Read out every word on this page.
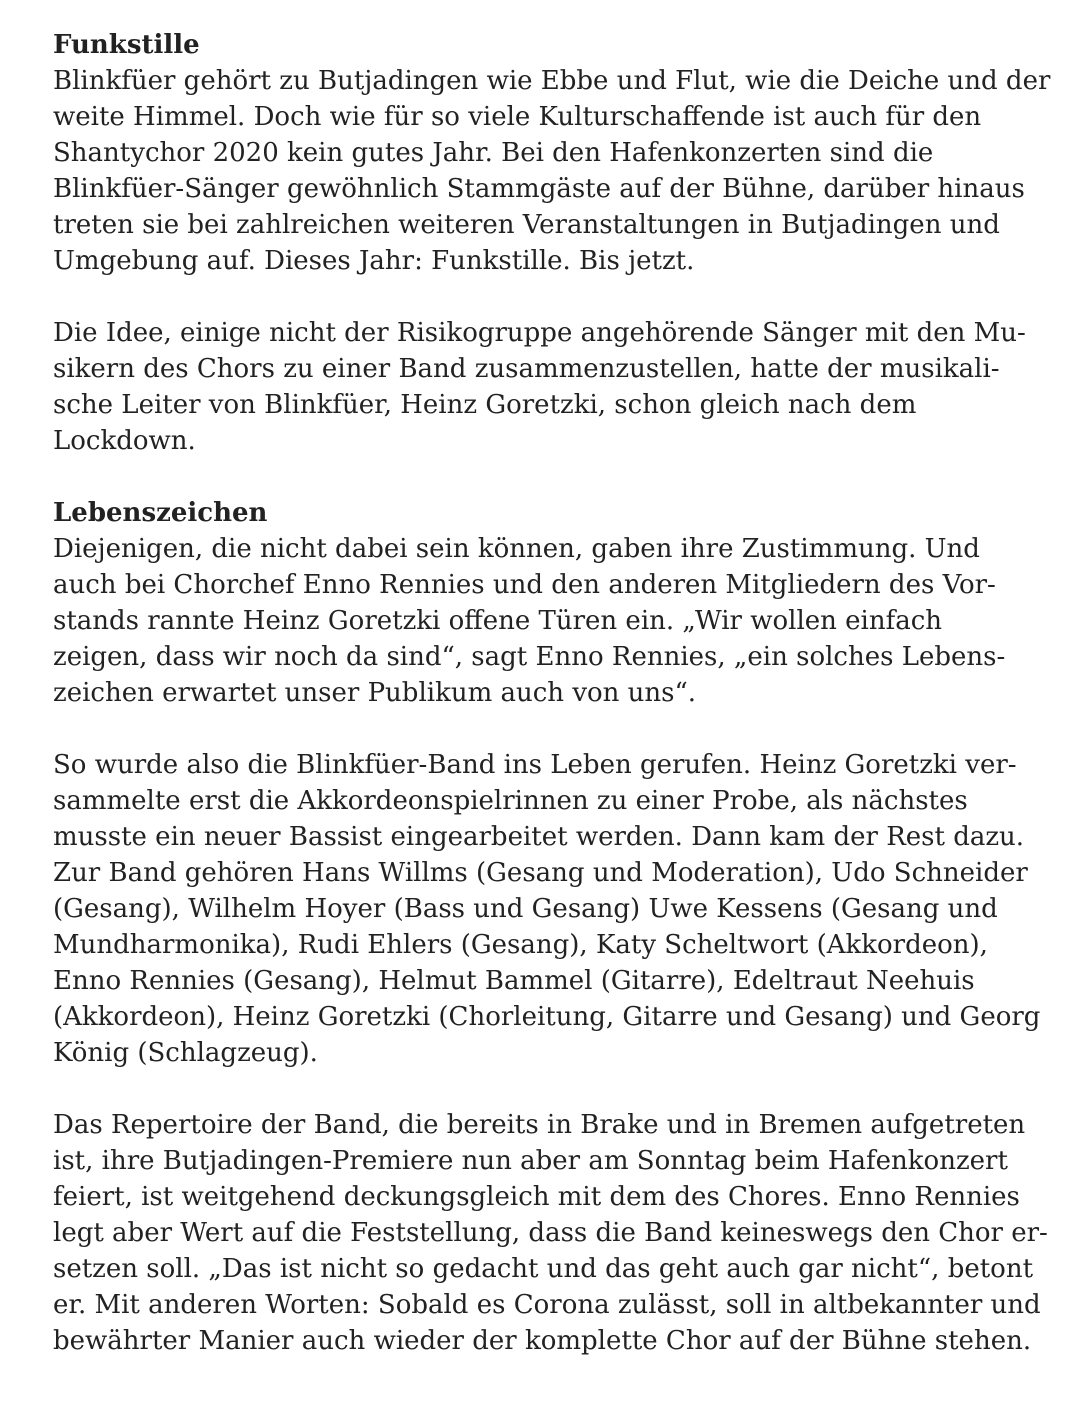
Funkstille

Blinkfüer gehört zu Butjadingen wie Ebbe und Flut, wie die Deiche und der
weite Himmel. Doch wie für so viele Kulturschaffende ist auch für den
Shantychor 2020 kein gutes Jahr. Bei den Hafenkonzerten sind die
Blinkfüer-Sänger gewöhnlich Stammgäste auf der Bühne, darüber hinaus
treten sie bei zahlreichen weiteren Veranstaltungen in Butjadingen und
Umgebung auf. Dieses Jahr: Funkstille. Bis jetzt.

Die Idee, einige nicht der Risikogruppe angehörende Sänger mit den Mu-
sikern des Chors zu einer Band zusammenzustellen, hatte der musikali-
sche Leiter von Blinkfüer, Heinz Goretzki, schon gleich nach dem
Lockdown.

Lebenszeichen

Diejenigen, die nicht dabei sein können, gaben ihre Zustimmung. Und
auch bei Chorchef Enno Rennies und den anderen Mitgliedern des Vor-
stands rannte Heinz Goretzki offene Türen ein. „Wir wollen einfach
zeigen, dass wir noch da sind“, sagt Enno Rennies, „ein solches Lebens-
zeichen erwartet unser Publikum auch von uns“.

So wurde also die Blinkfüer-Band ins Leben gerufen. Heinz Goretzki ver-
sammelte erst die Akkordeonspielrinnen zu einer Probe, als nächstes
musste ein neuer Bassist eingearbeitet werden. Dann kam der Rest dazu.
Zur Band gehören Hans Willms (Gesang und Moderation), Udo Schneider
(Gesang), Wilhelm Hoyer (Bass und Gesang) Uwe Kessens (Gesang und
Mundharmonika), Rudi Ehlers (Gesang), Katy Scheltwort (Akkordeon),
Enno Rennies (Gesang), Helmut Bammel (Gitarre), Edeltraut Neehuis
(Akkordeon), Heinz Goretzki (Chorleitung, Gitarre und Gesang) und Georg
König (Schlagzeug).

Das Repertoire der Band, die bereits in Brake und in Bremen aufgetreten
ist, ihre Butjadingen-Premiere nun aber am Sonntag beim Hafenkonzert
feiert, ist weitgehend deckungsgleich mit dem des Chores. Enno Rennies
legt aber Wert auf die Feststellung, dass die Band keineswegs den Chor er-
setzen soll. „Das ist nicht so gedacht und das geht auch gar nicht“, betont
er. Mit anderen Worten: Sobald es Corona zulässt, soll in altbekannter und
bewährter Manier auch wieder der komplette Chor auf der Bühne stehen.
